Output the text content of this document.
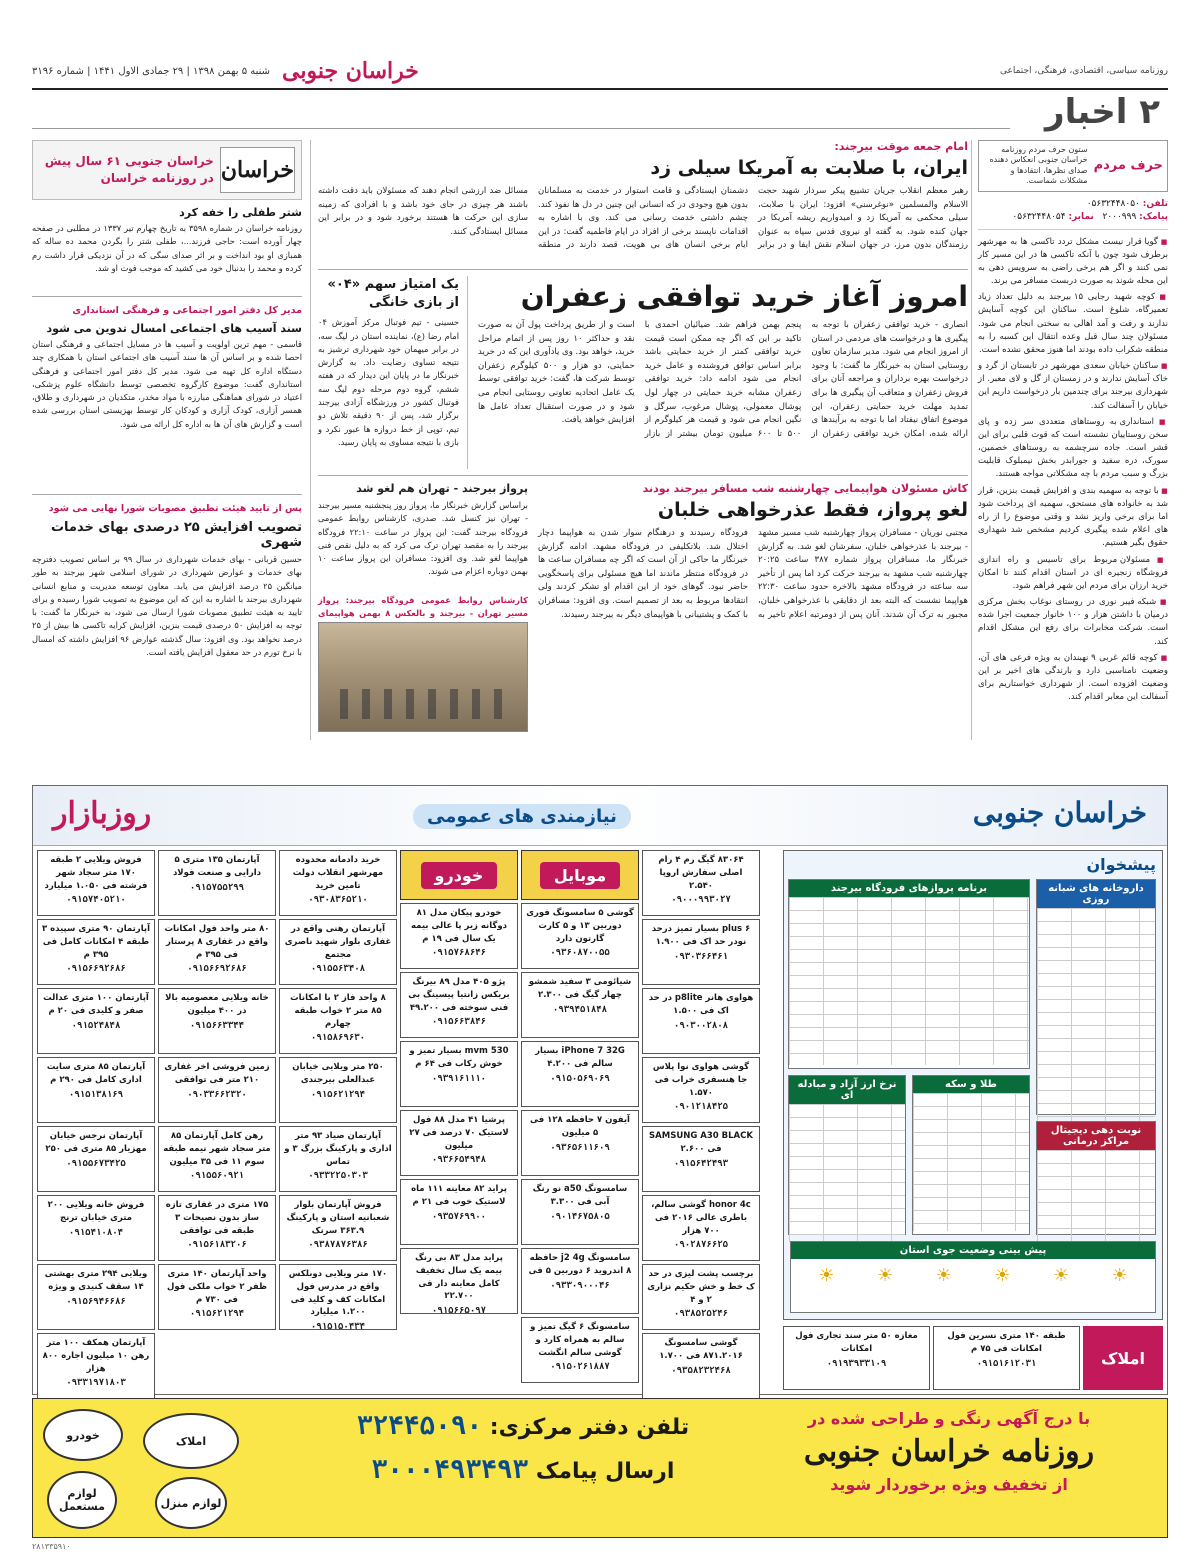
روزنامه سیاسی، اقتصادی، فرهنگی، اجتماعی
خراسان جنوبی
شنبه ۵ بهمن ۱۳۹۸ | ۲۹ جمادی الاول ۱۴۴۱ | شماره ۳۱۹۶
۲ اخبار
حرف مردم
ستون حرف مردم روزنامه خراسان جنوبی انعکاس دهنده صدای نظرها، انتقادها و مشکلات شماست.
تلفن: ۰۵۶۳۲۴۴۸۰۵۰
پیامک: ۲۰۰۰۹۹۹   نمابر: ۰۵۶۳۲۴۴۸۰۵۴

■ گویا قرار نیست مشکل تردد تاکسی ها به مهرشهر برطرف شود چون با آنکه تاکسی ها در این مسیر کار نمی کنند و اگر هم برخی راضی به سرویس دهی به این محله شوند به صورت دربست مسافر می برند.

■ کوچه شهید رجایی ۱۵ بیرجند به دلیل تعداد زیاد تعمیرگاه، شلوغ است. ساکنان این کوچه آسایش ندارند و رفت و آمد اهالی به سختی انجام می شود. مسئولان چند سال قبل وعده انتقال این کسبه را به منطقه شکراب داده بودند اما هنوز محقق نشده است.

■ ساکنان خیابان سعدی مهرشهر در تابستان از گرد و خاک آسایش ندارند و در زمستان از گل و لای معبر. از شهرداری بیرجند برای چندمین بار درخواست داریم این خیابان را آسفالت کند.

■ استانداری به روستاهای متعددی سر زده و پای سخن روستاییان نشسته است که قوت قلبی برای این قشر است. جاده سرچشمه به روستاهای خصمین، سورک، دره سفید و جورابدر بخش نیمبلوک قابلیت بزرگ و سبب مردم با چه مشکلاتی مواجه هستند.

■ با توجه به سهمیه بندی و افزایش قیمت بنزین، قرار شد به خانواده های مستحق، سهمیه ای پرداخت شود اما برای برخی واریز نشد و وقتی موضوع را از راه های اعلام شده پیگیری کردیم مشخص شد شهداری حقوق بگیر هستیم.

■ مسئولان مربوط برای تاسیس و راه اندازی فروشگاه زنجیره ای در استان اقدام کنند تا امکان خرید ارزان برای مردم این شهر فراهم شود.

■ شبکه فیبر نوری در روستای نوغاب بخش مرکزی درمیان با داشتن هزار و ۱۰۰ خانوار جمعیت اجرا شده است. شرکت مخابرات برای رفع این مشکل اقدام کند.

■ کوچه قائم غربی ۹ نهبندان به ویژه فرعی های آن، وضعیت نامناسبی دارد و بارندگی های اخیر بر این وضعیت افزوده است. از شهرداری خواستاریم برای آسفالت این معابر اقدام کند.

امام جمعه موقت بیرجند:
ایران، با صلابت به آمریکا سیلی زد
رهبر معظم انقلاب جریان تشییع پیکر سردار شهید حجت الاسلام والمسلمین «نوغرسنی» افزود: ایران با صلابت، سیلی محکمی به آمریکا زد و امیدواریم ریشه آمریکا در جهان کنده شود. به گفته او نیروی قدس سپاه به عنوان رزمندگان بدون مرز، در جهان اسلام نقش ایفا و در برابر دشمنان ایستادگی و قامت استوار در خدمت به مسلمانان بدون هیچ وجودی در که انسانی این چنین در دل ها نفوذ کند. چشم داشتی خدمت رسانی می کند. وی با اشاره به اقدامات ناپسند برخی از افراد در ایام فاطمیه گفت: در این ایام برخی انسان های بی هویت، قصد دارند در منطقه مسائل ضد ارزشی انجام دهند که مسئولان باید دقت داشته باشند هر چیزی در جای خود باشد و با افرادی که زمینه سازی این حرکت ها هستند برخورد شود و در برابر این مسائل ایستادگی کنند.
امروز آغاز خرید توافقی زعفران
انصاری - خرید توافقی زعفران با توجه به پیگیری ها و درخواست های مردمی در استان از امروز انجام می شود. مدیر سازمان تعاون روستایی استان به خبرنگار ما گفت: با وجود درخواست بهره برداران و مراجعه آنان برای فروش زعفران و متعاقب آن پیگیری ها برای تمدید مهلت خرید حمایتی زعفران، این موضوع اتفاق نیفتاد اما با توجه به برآیندها ی ارائه شده، امکان خرید توافقی زعفران از پنجم بهمن فراهم شد. ضیائیان احمدی با تاکید بر این که اگر چه ممکن است قیمت خرید توافقی کمتر از خرید حمایتی باشد برابر اساس توافق فروشنده و عامل خرید انجام می شود ادامه داد: خرید توافقی زعفران مشابه خرید حمایتی در چهار لول پوشال معمولی، پوشال مرغوب، سرگل و نگین انجام می شود و قیمت هر کیلوگرم از ۵۰۰ تا ۶۰۰ میلیون تومان بیشتر از بازار است و از طریق پرداخت پول آن به صورت نقد و حداکثر ۱۰ روز پس از اتمام مراحل خرید، خواهد بود. وی یادآوری این که در خرید حمایتی، دو هزار و ۵۰۰ کیلوگرم زعفران توسط شرکت ها، گفت: خرید توافقی توسط یک عامل اتحادیه تعاونی روستایی انجام می شود و در صورت استقبال تعداد عامل ها افزایش خواهد یافت.
یک امتیاز سهم «۰۴» از بازی خانگی
حسینی - تیم فوتبال مرکز آموزش ۰۴ امام رضا (ع)، نماینده استان در لیگ سه، در برابر میهمان خود شهرداری ترشیز به نتیجه تساوی رضایت داد. به گزارش خبرنگار ما در پایان این دیدار که در هفته ششم، گروه دوم مرحله دوم لیگ سه فوتبال کشور در ورزشگاه آزادی بیرجند برگزار شد، پس از ۹۰ دقیقه تلاش دو تیم، توپی از خط دروازه ها عبور نکرد و بازی با نتیجه مساوی به پایان رسید.
کاش مسئولان هواپیمایی چهارشنبه شب مسافر بیرجند بودند
لغو پرواز، فقط عذرخواهی خلبان
مجتبی نوریان - مسافران پرواز چهارشنبه شب مسیر مشهد - بیرجند با عذرخواهی خلبان، سفرشان لغو شد. به گزارش خبرنگار ما، مسافران پرواز شماره ۳۸۷ ساعت ۲۰:۲۵ چهارشنبه شب مشهد به بیرجند حرکت کرد اما پس از تأخیر سه ساعته در فرودگاه مشهد بالاخره حدود ساعت ۲۲:۳۰ هواپیما نشست که البته بعد از دقایقی با عذرخواهی خلبان، مجبور به ترک آن شدند. آنان پس از دومرتبه اعلام تاخیر به فرودگاه رسیدند و درهنگام سوار شدن به هواپیما دچار اختلال شد. بلاتکلیفی در فرودگاه مشهد. ادامه گزارش خبرنگار ما حاکی از آن است که اگر چه مسافران ساعت ها در فرودگاه منتظر ماندند اما هیچ مسئولی برای پاسخگویی حاضر نبود. گوهای خود از این اقدام او تشکر کردند ولی انتقادها مربوط به بعد از تصمیم است. وی افزود: مسافران با کمک و پشتیبانی با هواپیمای دیگر به بیرجند رسیدند.
پرواز بیرجند - تهران هم لغو شد
براساس گزارش خبرنگار ما، پرواز روز پنجشنبه مسیر بیرجند - تهران نیز کنسل شد. صدری، کارشناس روابط عمومی فرودگاه بیرجند گفت: این پرواز در ساعت ۲۲:۱۰ فرودگاه بیرجند را به مقصد تهران ترک می کرد که به دلیل نقص فنی هواپیما لغو شد. وی افزود: مسافران این پرواز ساعت ۱۰ بهمن دوباره اعزام می شوند.
کارشناس روابط عمومی فرودگاه بیرجند: پرواز مسیر تهران - بیرجند و بالعکس ۸ بهمن هواپیمای
خراسان
خراسان جنوبی ۶۱ سال پیش در روزنامه خراسان
شتر طفلی را خفه کرد
روزنامه خراسان در شماره ۳۵۹۸ به تاریخ چهارم تیر ۱۳۳۷ در مطلبی در صفحه چهار آورده است: حاجی فرزند...، طفلی شتر را بگردن محمد ده ساله که همبازی او بود انداخت و بر اثر صدای سگی که در آن نزدیکی قرار داشت رم کرده و محمد را بدنبال خود می کشید که موجب فوت او شد.
مدیر کل دفتر امور اجتماعی و فرهنگی استانداری
سند آسیب های اجتماعی امسال تدوین می شود
قاسمی - مهم ترین اولویت و آسیب ها در مسایل اجتماعی و فرهنگی استان احصا شده و بر اساس آن ها سند آسیب های اجتماعی استان با همکاری چند دستگاه اداره کل تهیه می شود. مدیر کل دفتر امور اجتماعی و فرهنگی استانداری گفت: موضوع کارگروه تخصصی توسط دانشگاه علوم پزشکی، اعتیاد در شورای هماهنگی مبارزه با مواد مخدر، متکدیان در شهرداری و طلاق، همسر آزاری، کودک آزاری و کودکان کار توسط بهزیستی استان بررسی شده است و گزارش های آن ها به اداره کل ارائه می شود.
پس از تایید هیئت تطبیق مصوبات شورا نهایی می شود
تصویب افزایش ۲۵ درصدی بهای خدمات شهری
حسین قربانی - بهای خدمات شهرداری در سال ۹۹ بر اساس تصویب دفترچه بهای خدمات و عوارض شهرداری در شورای اسلامی شهر بیرجند به طور میانگین ۲۵ درصد افزایش می یابد. معاون توسعه مدیریت و منابع انسانی شهرداری بیرجند با اشاره به این که این موضوع به تصویب شورا رسیده و برای تایید به هیئت تطبیق مصوبات شورا ارسال می شود، به خبرنگار ما گفت: با توجه به افزایش ۵۰ درصدی قیمت بنزین، افزایش کرایه تاکسی ها بیش از ۲۵ درصد نخواهد بود. وی افزود: سال گذشته عوارض ۹۶ افزایش داشته که امسال با نرخ تورم در حد معقول افزایش یافته است.
روزبازار	نیازمندی های عمومی	خراسان جنوبی
۸۳۰۶۴ گیگ رم ۴ رام اصلی سفارش اروپا ۲.۵۴۰
۰۹۰۰۰۹۹۳۰۲۷
plus ۶ بسیار تمیز درحد نودر حد اک فی ۱.۹۰۰
۰۹۳۰۳۶۶۴۶۱
هواوی هانر p8lite در حد اک فی ۱.۵۰۰
۰۹۰۳۰۰۲۸۰۸
گوشی هواوی نوا پلاس جا هنسفری خراب فی ۱.۵۷۰
۰۹۰۱۲۱۸۴۲۵
SAMSUNG A30 BLACK فی ۲.۶۰۰
۰۹۱۵۶۴۲۴۹۳
honor 4c گوشی سالم، باطری عالی ۲۰۱۶ فی ۷۰۰ هزار
۰۹۰۲۸۷۶۶۲۵
برچسب پشت لیزی در حد ک خط و خش حکیم نزاری ۲ و ۴
۰۹۳۸۵۲۵۲۴۶
گوشی سامسونگ ۸۷۱.۲۰۱۶ فی ۱.۷۰۰
۰۹۳۵۸۲۳۲۴۶۸
موبایل
گوشی ۵ سامسونگ فوری دوربین ۱۳ و ۵ کارت گارتون دارد
۰۹۳۶۰۸۷۰۰۵۵
شیائومی ۳ سفید شمشو چهار گیگ فی ۲.۳۰۰
۰۹۳۹۴۵۱۸۴۸
iPhone 7 32G بسیار سالم فی ۴.۲۰۰
۰۹۱۵۰۵۶۹۰۶۹
آیفون ۷ حافظه ۱۲۸ فی ۵ میلیون
۰۹۳۶۵۶۱۱۶۰۹
سامسونگ a50 نو رنگ آبی فی ۳.۳۰۰
۰۹۰۱۴۶۷۵۸۰۵
سامسونگ j2 4g حافظه ۸ اندروید ۶ دوربین ۵ فی
۰۹۳۳۰۹۰۰۰۴۶
سامسونگ ۶ گیگ تمیز و سالم به همراه کارد و گوشی سالم انگشت
۰۹۱۵۰۲۶۱۸۸۷
خودرو
خودرو پیکان مدل ۸۱ دوگانه زیر پا عالی بیمه یک سال فی ۱۹ م
۰۹۱۵۷۶۸۶۴۶
پژو ۴۰۵ مدل ۸۹ بیرنگ بریکس زانتیا پیسینگ بی فنی سوخته فی ۴۹.۲۰۰
۰۹۱۵۶۶۳۸۴۶
mvm 530 بسیار تمیز و خوش رکاب فی ۶۴ م
۰۹۳۹۱۶۱۱۱۰
پرشیا ۴۱ مدل ۸۸ فول لاستیک ۷۰ درصد فی ۲۷ میلیون
۰۹۳۶۶۵۴۹۴۸
پراید ۸۲ معاینه ۱۱۱ ماه لاستیک خوب فی ۲۱ م
۰۹۳۵۷۶۹۹۰۰
پراید مدل ۸۳ بی رنگ بیمه یک سال تخفیف کامل معاینه دار فی ۲۲.۷۰۰
۰۹۱۵۶۶۵۰۹۷
خرید دادمانه محدوده مهرشهر انقلاب دولت تامین خرید
۰۹۳۰۸۳۶۵۲۱۰
آپارتمان رهنی واقع در غفاری بلوار شهید ناصری مجتمع
۰۹۱۵۵۶۳۴۰۸
۸ واحد فاز ۲ با امکانات ۸۵ متر ۲ خواب طبقه چهارم
۰۹۱۵۸۶۹۶۳۰
۲۵۰ متر ویلایی خیابان عبدالعلی بیرجندی
۰۹۱۵۶۲۱۲۹۴
آپارتمان صیاد ۹۳ متر اداری و پارکینگ بزرگ ۳ و تماس
۰۹۳۳۲۲۵۰۳۰۳
فروش آپارتمان بلوار شعبانیه استان و پارکینگ ۳۶۳.۹ سرنک
۰۹۳۸۷۸۷۶۳۸۶
۱۷۰ متر ویلایی دوبلکس واقع در مدرس فول امکانات کف و کلید فی ۱.۲۰۰ میلیارد
۰۹۱۵۱۵۰۴۳۴
آپارتمان ۱۳۵ متری ۵ دارایی و صنعت فولاد
۰۹۱۵۷۵۵۲۹۹
۸۰ متر واحد فول امکانات واقع در غفاری ۸ پرستار فی ۳۹۵ م
۰۹۱۵۶۶۹۲۶۸۶
خانه ویلایی معصومیه بالا در ۴۰۰ میلیون
۰۹۱۵۶۶۳۳۴۴
زمین فروشی اخر غفاری ۲۱۰ متر فی توافقی
۰۹۰۳۳۶۶۲۳۲۰
رهن کامل آپارتمان ۸۵ متر سجاد شهر نیمه طبقه سوم ۱۱ فی ۳۵ میلیون
۰۹۱۵۵۶۰۹۲۱
۱۷۵ متری در غفاری تازه ساز بدون نصیحات ۳ طبقه فی توافقی
۰۹۱۵۶۱۸۳۲۰۶
واحد آپارتمان ۱۴۰ متری ظفر ۲ خواب ملکی فول فی ۷۳۰ م
۰۹۱۵۶۲۱۲۹۴
فروش ویلایی ۲ طبقه ۱۷۰ متر سجاد شهر فرشته فی ۱.۰۵۰ میلیارد
۰۹۱۵۷۴۰۵۲۱۰
آپارتمان ۹۰ متری سپیده ۳ طبقه ۴ امکانات کامل فی ۳۹۵ م
۰۹۱۵۶۶۹۲۶۸۶
آپارتمان ۱۰۰ متری عدالت صفر و کلیدی فی ۲۰ م
۰۹۱۵۲۴۸۴۸
آپارتمان ۸۵ متری سایت اداری کامل فی ۲۹۰ م
۰۹۱۵۱۳۸۱۶۹
آپارتمان نرجس خیابان مهزیار ۸۵ متری فی ۲۵۰
۰۹۱۵۵۶۷۳۴۲۵
فروش خانه ویلایی ۲۰۰ متری خیابان ترنج
۰۹۱۵۴۱۰۸۰۴
ویلایی ۲۹۴ متری بهشتی ۱۴ سقف کنیدی و ویژه
۰۹۱۵۶۹۴۶۶۸۶
آپارتمان همکف ۱۰۰ متر رهن ۱۰ میلیون اجاره ۸۰۰ هزار
۰۹۳۳۱۹۷۱۸۰۳
پیشخوان
داروخانه های شبانه روزی
برنامه پروازهای فرودگاه بیرجند
نوبت دهی دیجیتال مراکز درمانی
طلا و سکه
نرخ ارز آزاد و مبادله ای
پیش بینی وضعیت جوی استان
☀
☀
☀
☀
☀
☀
املاک
طبقه ۱۴۰ متری نسرین فول امکانات فی ۷۵ م
۰۹۱۵۱۶۱۲۰۳۱
مغازه ۵۰ متر سند تجاری فول امکانات
۰۹۱۹۳۹۳۳۱۰۹
با درج آگهی رنگی و طراحی شده در
روزنامه خراسان جنوبی
از تخفیف ویژه برخوردار شوید
تلفن دفتر مرکزی: ۳۲۴۴۵۰۹۰
ارسال پیامک ۳۰۰۰۴۹۳۴۹۳
خودرو	املاک
لوازم مستعمل	لوازم منزل
۲۸۱۳۳۵۹۱۰
